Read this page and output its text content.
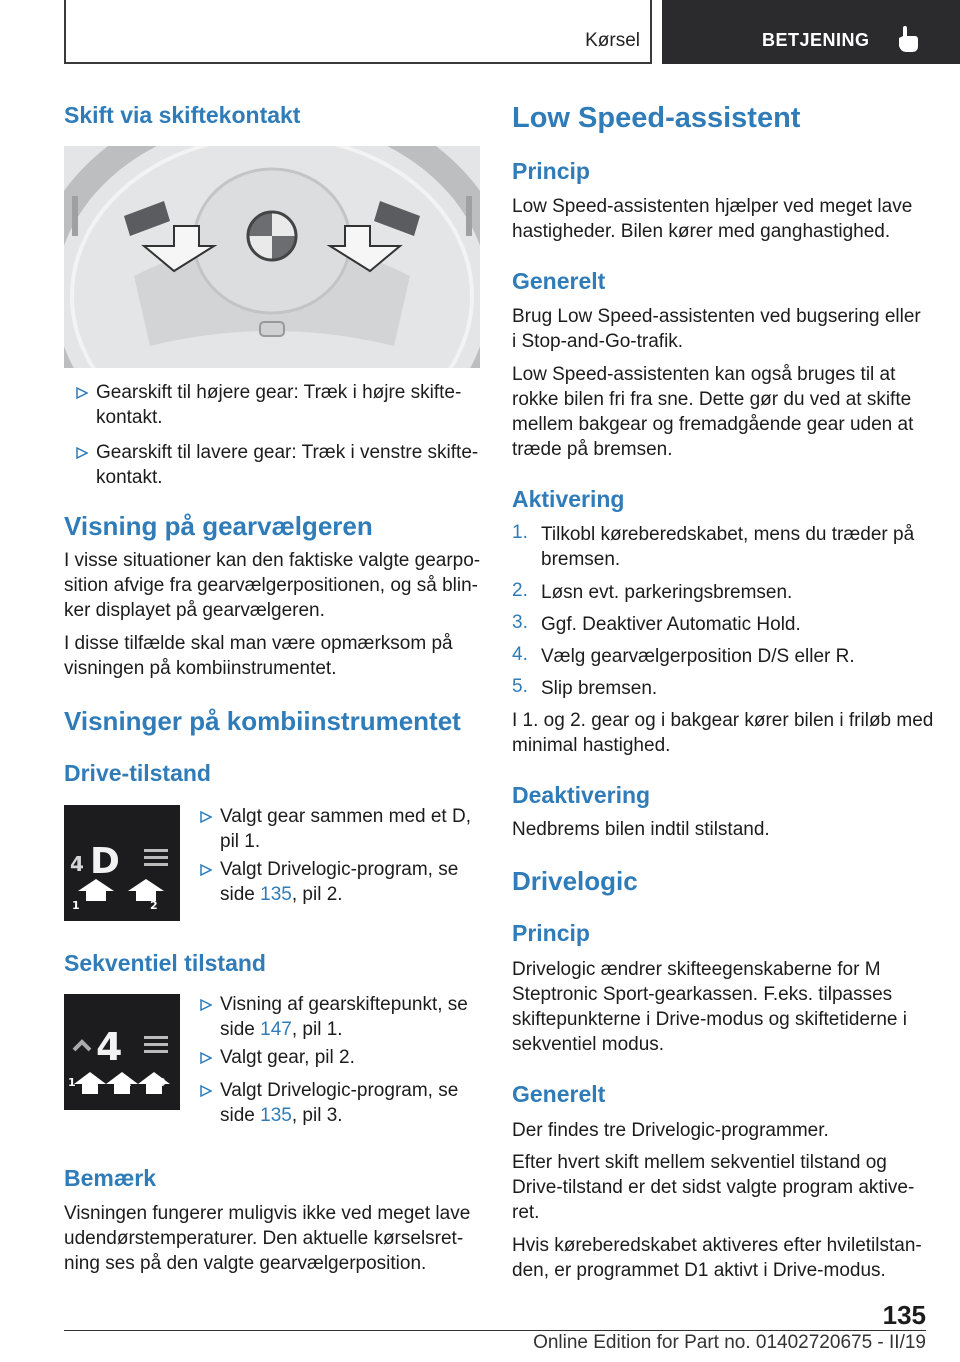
Kørsel	BETJENING
Skift via skiftekontakt
Gearskift til højere gear: Træk i højre skifte-
kontakt.
Gearskift til lavere gear: Træk i venstre skifte-
kontakt.
Visning på gearvælgeren
I visse situationer kan den faktiske valgte gearpo-
sition afvige fra gearvælgerpositionen, og så blin-
ker displayet på gearvælgeren.
I disse tilfælde skal man være opmærksom på
visningen på kombiinstrumentet.
Visninger på kombiinstrumentet
Drive-tilstand
4 D
1	2
Valgt gear sammen med et D,
pil 1.
Valgt Drivelogic-program, se
side 135, pil 2.
Sekventiel tilstand
4
1	2 3
Visning af gearskiftepunkt, se
side 147, pil 1.
Valgt gear, pil 2.
Valgt Drivelogic-program, se
side 135, pil 3.
Bemærk
Visningen fungerer muligvis ikke ved meget lave
udendørstemperaturer. Den aktuelle kørselsret-
ning ses på den valgte gearvælgerposition.
Low Speed-assistent
Princip
Low Speed-assistenten hjælper ved meget lave
hastigheder. Bilen kører med ganghastighed.
Generelt
Brug Low Speed-assistenten ved bugsering eller
i Stop-and-Go-trafik.
Low Speed-assistenten kan også bruges til at
rokke bilen fri fra sne. Dette gør du ved at skifte
mellem bakgear og fremadgående gear uden at
træde på bremsen.
Aktivering
1. Tilkobl køreberedskabet, mens du træder på
bremsen.
2. Løsn evt. parkeringsbremsen.
3. Ggf. Deaktiver Automatic Hold.
4. Vælg gearvælgerposition D/S eller R.
5. Slip bremsen.
I 1. og 2. gear og i bakgear kører bilen i friløb med
minimal hastighed.
Deaktivering
Nedbrems bilen indtil stilstand.
Drivelogic
Princip
Drivelogic ændrer skifteegenskaberne for M
Steptronic Sport-gearkassen. F.eks. tilpasses
skiftepunkterne i Drive-modus og skiftetiderne i
sekventiel modus.
Generelt
Der findes tre Drivelogic-programmer.
Efter hvert skift mellem sekventiel tilstand og
Drive-tilstand er det sidst valgte program aktive-
ret.
Hvis køreberedskabet aktiveres efter hviletilstan-
den, er programmet D1 aktivt i Drive-modus.
135
Online Edition for Part no. 01402720675 - II/19
